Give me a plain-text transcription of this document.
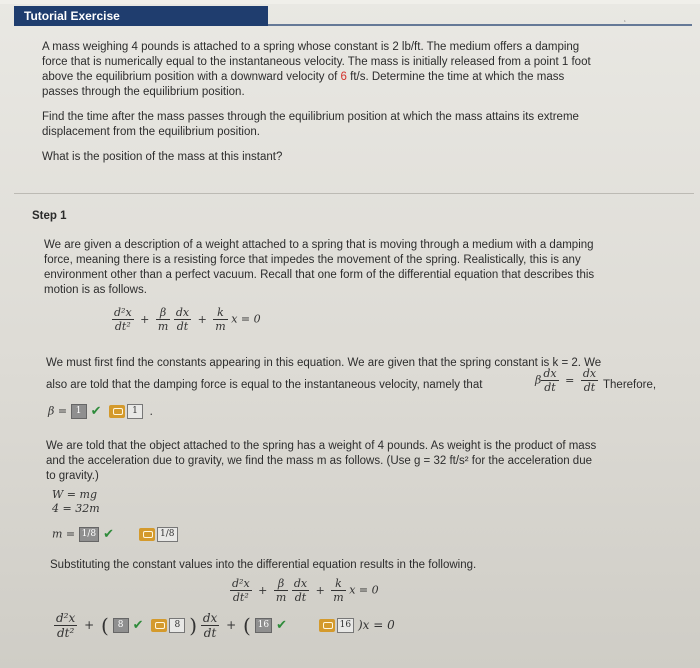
Tutorial Exercise
‘
A mass weighing 4 pounds is attached to a spring whose constant is 2 lb/ft. The medium offers a damping
force that is numerically equal to the instantaneous velocity. The mass is initially released from a point 1 foot
above the equilibrium position with a downward velocity of 6 ft/s. Determine the time at which the mass
passes through the equilibrium position.
Find the time after the mass passes through the equilibrium position at which the mass attains its extreme
displacement from the equilibrium position.
What is the position of the mass at this instant?
Step 1
We are given a description of a weight attached to a spring that is moving through a medium with a damping
force, meaning there is a resisting force that impedes the movement of the spring. Realistically, this is any
environment other than a perfect vacuum. Recall that one form of the differential equation that describes this
motion is as follows.
$\frac{\text{d²x}}{\text{dt²}} + \frac{\beta}{m}$
$\frac{dx}{dt} + \frac{k}{m}$ x = 0
We must first find the constants appearing in this equation. We are given that the spring constant is k = 2. We
also are told that the damping force is equal to the instantaneous velocity, namely that	β $\frac{dx}{dt} = \frac{dx}{dt}$ Therefore,
β = 1 ✔	1 .
We are told that the object attached to the spring has a weight of 4 pounds. As weight is the product of mass
and the acceleration due to gravity, we find the mass m as follows. (Use g = 32 ft/s² for the acceleration due
to gravity.)
W = mg
4 = 32m
m = 1/8 ✔	1/8
Substituting the constant values into the differential equation results in the following.
$\frac{\text{d²x}}{\text{dt²}} + \frac{\beta}{m}$
$\frac{dx}{dt} + \frac{k}{m}$ x = 0
$\frac{\text{d²x}}{\text{dt²}}$ + ( 8 ✔	8 ) $\frac{dx}{dt}$ + ( 16 ✔	16 )x = 0
